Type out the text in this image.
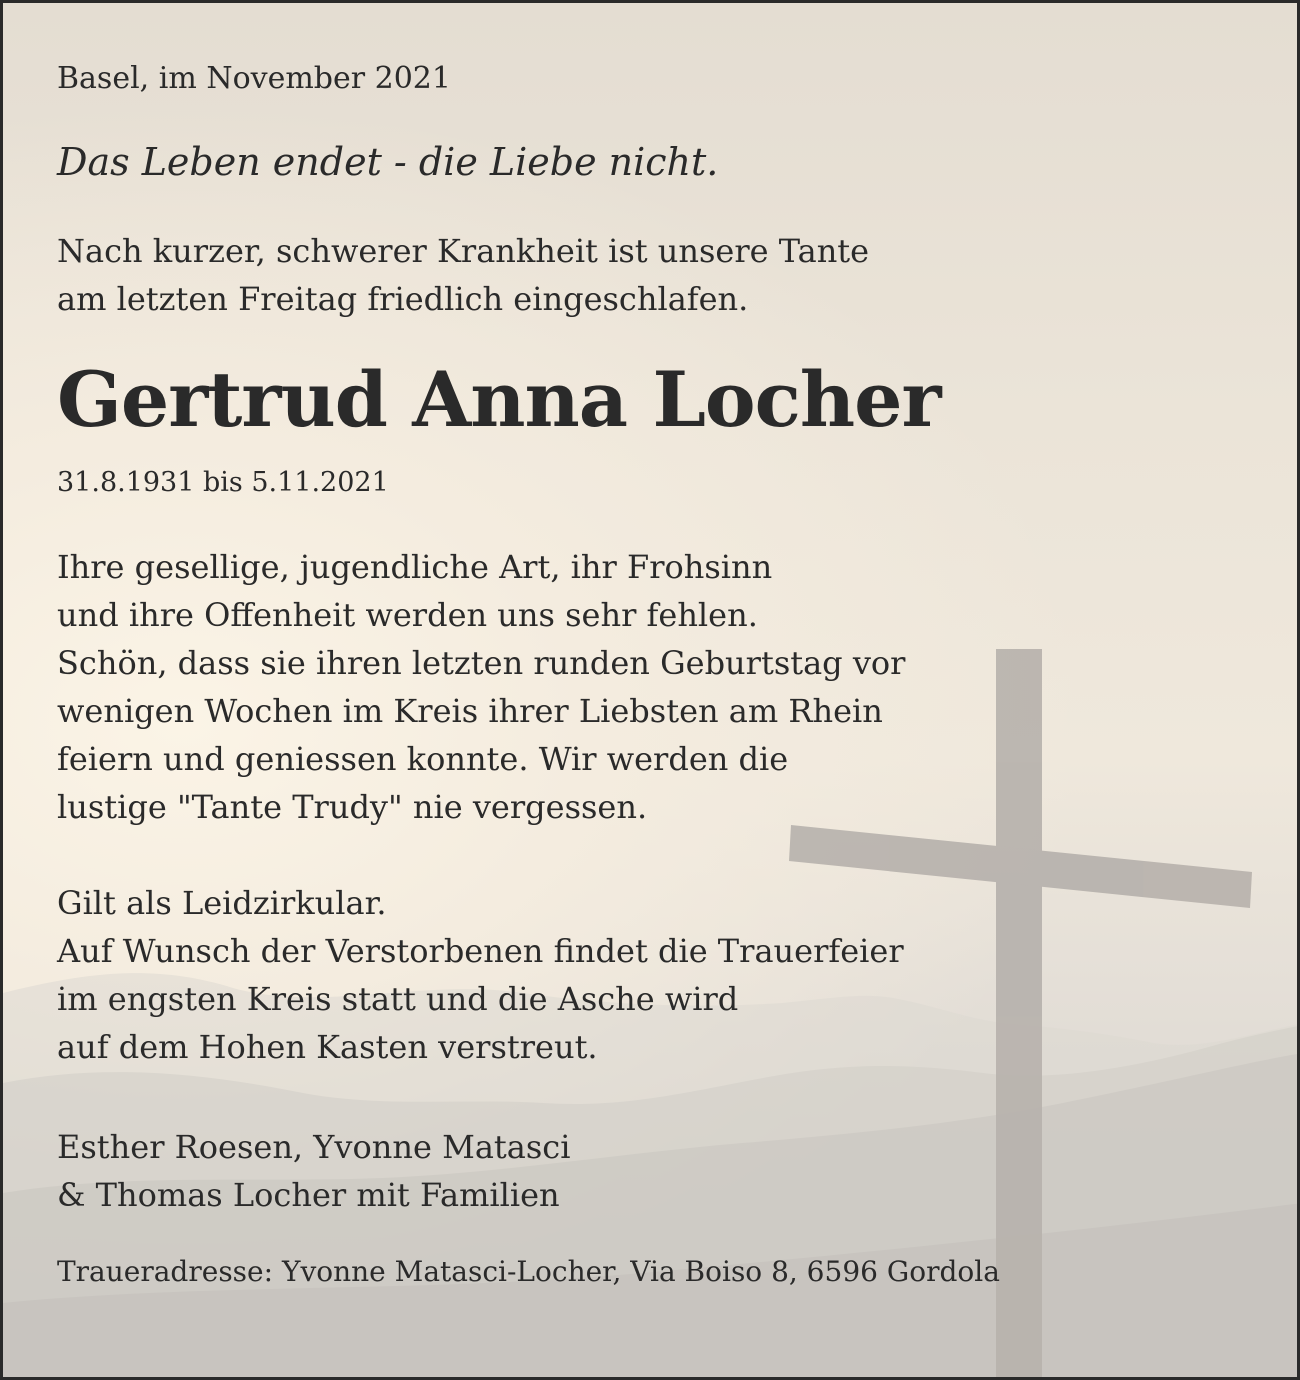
Basel, im November 2021
Das Leben endet - die Liebe nicht.
Nach kurzer, schwerer Krankheit ist unsere Tante
am letzten Freitag friedlich eingeschlafen.
Gertrud Anna Locher
31.8.1931 bis 5.11.2021
Ihre gesellige, jugendliche Art, ihr Frohsinn
und ihre Offenheit werden uns sehr fehlen.
Schön, dass sie ihren letzten runden Geburtstag vor
wenigen Wochen im Kreis ihrer Liebsten am Rhein
feiern und geniessen konnte. Wir werden die
lustige "Tante Trudy" nie vergessen.
Gilt als Leidzirkular.
Auf Wunsch der Verstorbenen findet die Trauerfeier
im engsten Kreis statt und die Asche wird
auf dem Hohen Kasten verstreut.
Esther Roesen, Yvonne Matasci
& Thomas Locher mit Familien
Traueradresse: Yvonne Matasci-Locher, Via Boiso 8, 6596 Gordola
